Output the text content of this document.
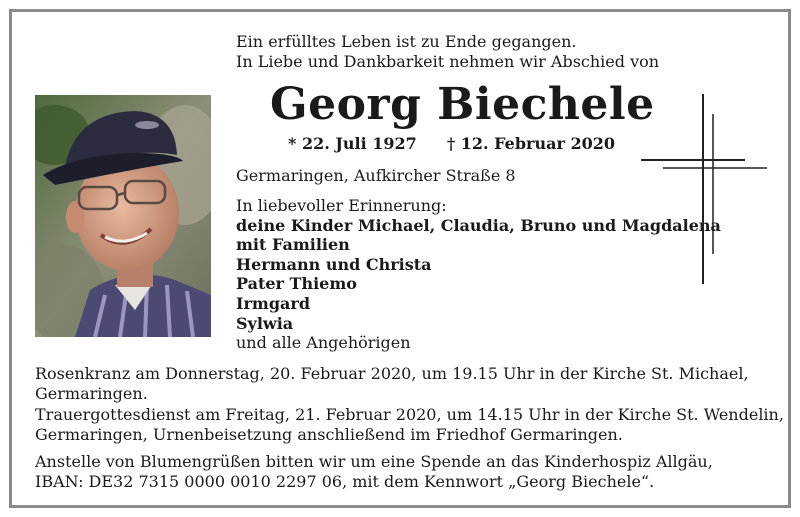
Ein erfülltes Leben ist zu Ende gegangen.
In Liebe und Dankbarkeit nehmen wir Abschied von
Georg Biechele
* 22. Juli 1927 † 12. Februar 2020
Germaringen, Aufkircher Straße 8
In liebevoller Erinnerung:
deine Kinder Michael, Claudia, Bruno und Magdalena
mit Familien
Hermann und Christa
Pater Thiemo
Irmgard
Sylwia
und alle Angehörigen
Rosenkranz am Donnerstag, 20. Februar 2020, um 19.15 Uhr in der Kirche St. Michael,
Germaringen.
Trauergottesdienst am Freitag, 21. Februar 2020, um 14.15 Uhr in der Kirche St. Wendelin,
Germaringen, Urnenbeisetzung anschließend im Friedhof Germaringen.
Anstelle von Blumengrüßen bitten wir um eine Spende an das Kinderhospiz Allgäu,
IBAN: DE32 7315 0000 0010 2297 06, mit dem Kennwort „Georg Biechele“.
